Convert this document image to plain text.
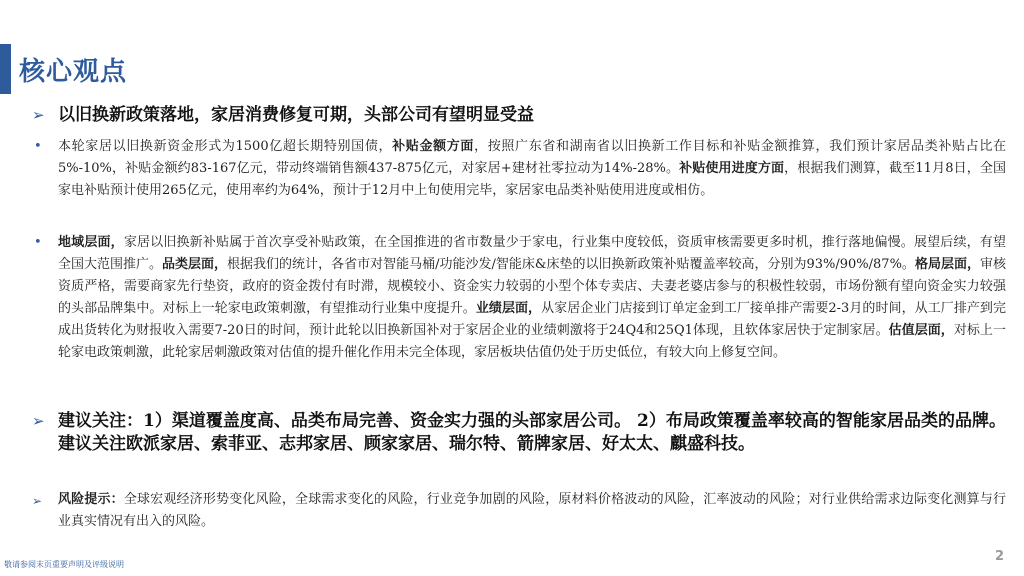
核心观点
➢ 以旧换新政策落地，家居消费修复可期，头部公司有望明显受益
• 本轮家居以旧换新资金形式为1500亿超长期特别国债，补贴金额方面，按照广东省和湖南省以旧换新工作目标和补贴金额推算，我们预计家居品类补贴占比在5%-10%，补贴金额约83-167亿元，带动终端销售额437-875亿元，对家居+建材社零拉动为14%-28%。补贴使用进度方面，根据我们测算，截至11月8日，全国家电补贴预计使用265亿元，使用率约为64%，预计于12月中上旬使用完毕，家居家电品类补贴使用进度或相仿。
• 地域层面，家居以旧换新补贴属于首次享受补贴政策，在全国推进的省市数量少于家电，行业集中度较低，资质审核需要更多时机，推行落地偏慢。展望后续，有望全国大范围推广。品类层面，根据我们的统计，各省市对智能马桶/功能沙发/智能床&床垫的以旧换新政策补贴覆盖率较高，分别为93%/90%/87%。格局层面，审核资质严格，需要商家先行垫资，政府的资金拨付有时滞，规模较小、资金实力较弱的小型个体专卖店、夫妻老婆店参与的积极性较弱，市场份额有望向资金实力较强的头部品牌集中。对标上一轮家电政策刺激，有望推动行业集中度提升。业绩层面，从家居企业门店接到订单定金到工厂接单排产需要2-3月的时间，从工厂排产到完成出货转化为财报收入需要7-20日的时间，预计此轮以旧换新国补对于家居企业的业绩刺激将于24Q4和25Q1体现，且软体家居快于定制家居。估值层面，对标上一轮家电政策刺激，此轮家居刺激政策对估值的提升催化作用未完全体现，家居板块估值仍处于历史低位，有较大向上修复空间。
➢ 建议关注：1）渠道覆盖度高、品类布局完善、资金实力强的头部家居公司。 2）布局政策覆盖率较高的智能家居品类的品牌。建议关注欧派家居、索菲亚、志邦家居、顾家家居、瑞尔特、箭牌家居、好太太、麒盛科技。
➢ 风险提示：全球宏观经济形势变化风险，全球需求变化的风险，行业竞争加剧的风险，原材料价格波动的风险，汇率波动的风险；对行业供给需求边际变化测算与行业真实情况有出入的风险。
敬请参阅末页重要声明及评级说明
2
